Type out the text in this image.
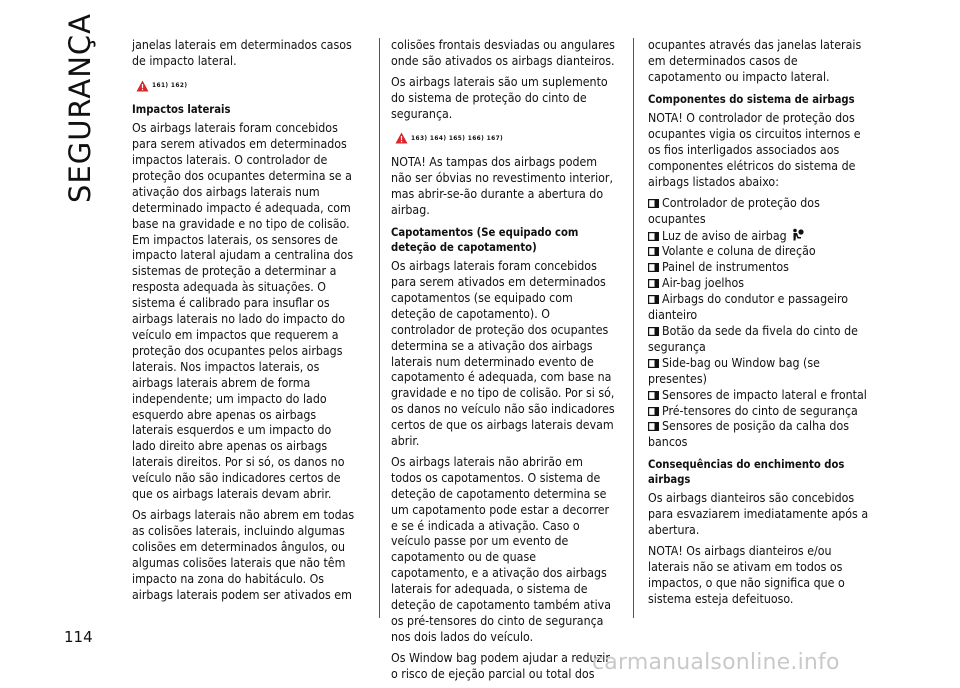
SEGURANÇA	janelas laterais em determinados casos de impacto lateral.

161) 162)
Impactos laterais

Os airbags laterais foram concebidos para serem ativados em determinados impactos laterais. O controlador de proteção dos ocupantes determina se a ativação dos airbags laterais num determinado impacto é adequada, com base na gravidade e no tipo de colisão. Em impactos laterais, os sensores de impacto lateral ajudam a centralina dos sistemas de proteção a determinar a resposta adequada às situações. O sistema é calibrado para insuflar os airbags laterais no lado do impacto do veículo em impactos que requerem a proteção dos ocupantes pelos airbags laterais. Nos impactos laterais, os airbags laterais abrem de forma independente; um impacto do lado esquerdo abre apenas os airbags laterais esquerdos e um impacto do lado direito abre apenas os airbags laterais direitos. Por si só, os danos no veículo não são indicadores certos de que os airbags laterais devam abrir.

Os airbags laterais não abrem em todas as colisões laterais, incluindo algumas colisões em determinados ângulos, ou algumas colisões laterais que não têm impacto na zona do habitáculo. Os airbags laterais podem ser ativados em

colisões frontais desviadas ou angulares onde são ativados os airbags dianteiros.

Os airbags laterais são um suplemento do sistema de proteção do cinto de segurança.

163) 164) 165) 166) 167)

NOTA! As tampas dos airbags podem não ser óbvias no revestimento interior, mas abrir-se-ão durante a abertura do airbag.

Capotamentos (Se equipado com deteção de capotamento)

Os airbags laterais foram concebidos para serem ativados em determinados capotamentos (se equipado com deteção de capotamento). O controlador de proteção dos ocupantes determina se a ativação dos airbags laterais num determinado evento de capotamento é adequada, com base na gravidade e no tipo de colisão. Por si só, os danos no veículo não são indicadores certos de que os airbags laterais devam abrir.

Os airbags laterais não abrirão em todos os capotamentos. O sistema de deteção de capotamento determina se um capotamento pode estar a decorrer e se é indicada a ativação. Caso o veículo passe por um evento de capotamento ou de quase capotamento, e a ativação dos airbags laterais for adequada, o sistema de deteção de capotamento também ativa os pré-tensores do cinto de segurança nos dois lados do veículo.

Os Window bag podem ajudar a reduzir o risco de ejeção parcial ou total dos

ocupantes através das janelas laterais em determinados casos de capotamento ou impacto lateral.

Componentes do sistema de airbags

NOTA! O controlador de proteção dos ocupantes vigia os circuitos internos e os fios interligados associados aos componentes elétricos do sistema de airbags listados abaixo:

Controlador de proteção dos ocupantes
Luz de aviso de airbag
Volante e coluna de direção
Painel de instrumentos
Air-bag joelhos
Airbags do condutor e passageiro dianteiro
Botão da sede da fivela do cinto de segurança
Side-bag ou Window bag (se presentes)
Sensores de impacto lateral e frontal
Pré-tensores do cinto de segurança
Sensores de posição da calha dos bancos
Consequências do enchimento dos airbags

Os airbags dianteiros são concebidos para esvaziarem imediatamente após a abertura.

NOTA! Os airbags dianteiros e/ou laterais não se ativam em todos os impactos, o que não significa que o sistema esteja defeituoso.

114
carmanualsonline.info
